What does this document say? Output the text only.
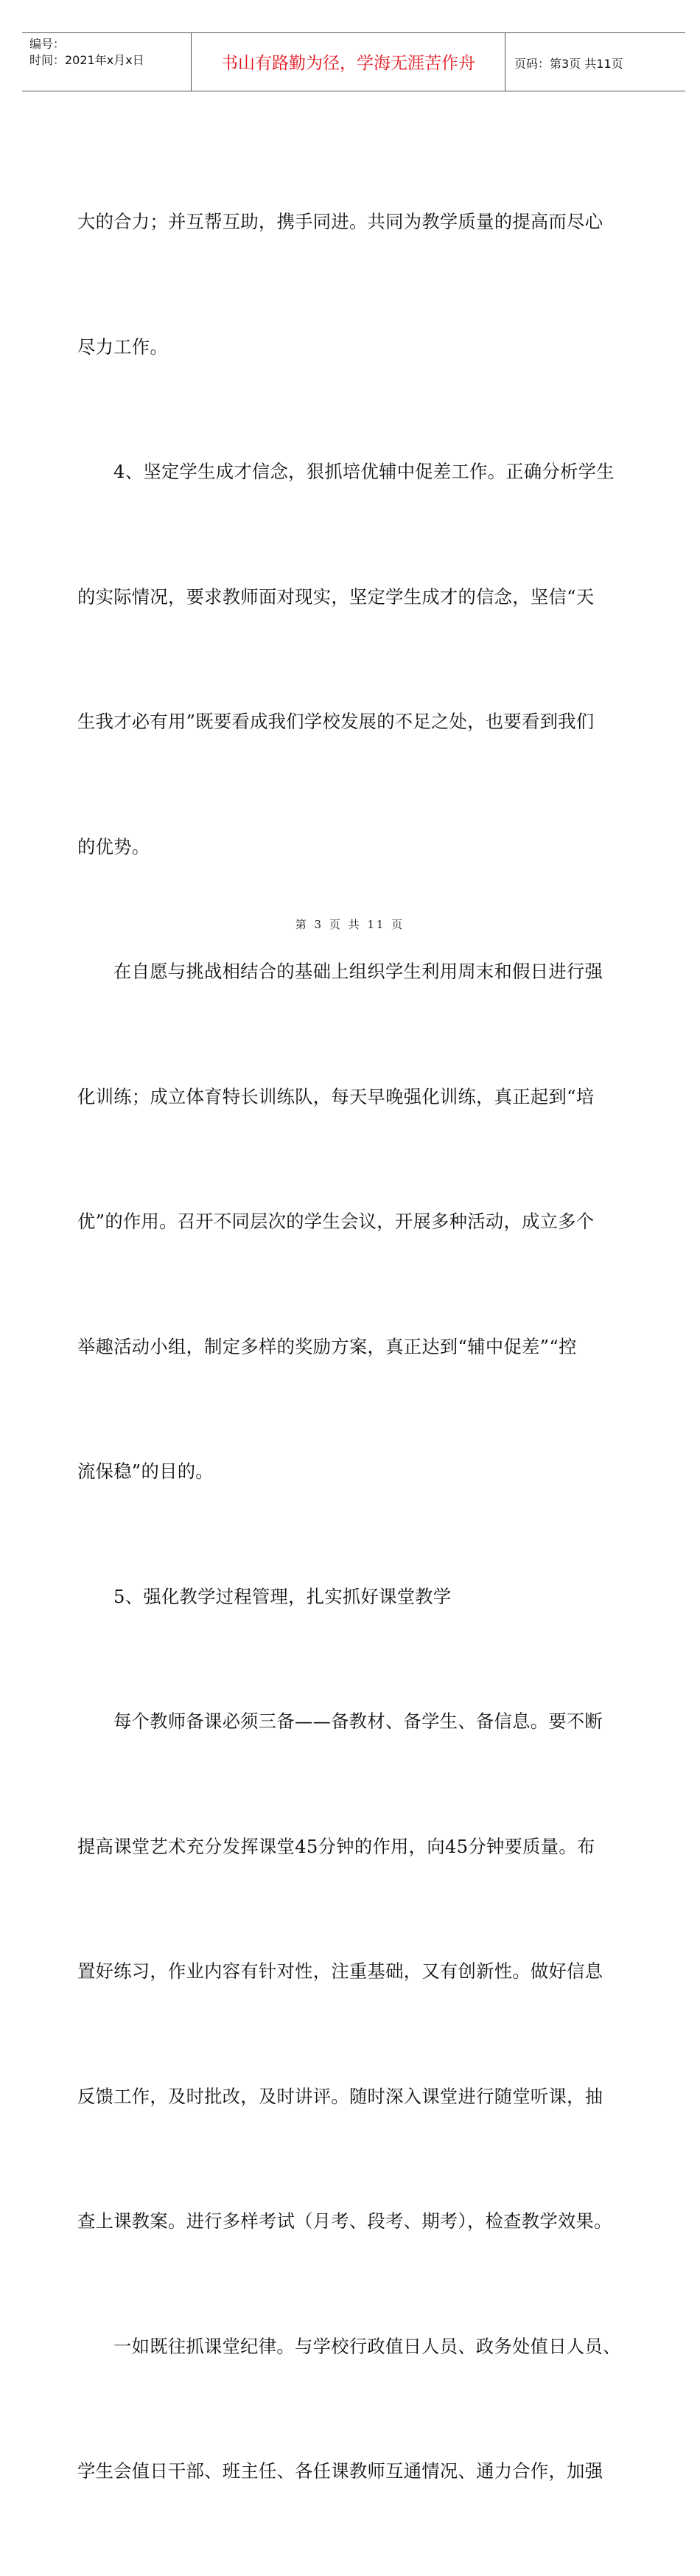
编号：
时间：2021年x月x日	书山有路勤为径，学海无涯苦作舟	页码：第3页 共11页

大的合力；并互帮互助，携手同进。共同为教学质量的提高而尽心

尽力工作。

4、坚定学生成才信念，狠抓培优辅中促差工作。正确分析学生

的实际情况，要求教师面对现实，坚定学生成才的信念，坚信“天

生我才必有用”既要看成我们学校发展的不足之处，也要看到我们

的优势。

在自愿与挑战相结合的基础上组织学生利用周末和假日进行强

化训练；成立体育特长训练队，每天早晚强化训练，真正起到“培

优”的作用。召开不同层次的学生会议，开展多种活动，成立多个

举趣活动小组，制定多样的奖励方案，真正达到“辅中促差”“控

流保稳”的目的。

5、强化教学过程管理，扎实抓好课堂教学

每个教师备课必须三备——备教材、备学生、备信息。要不断

提高课堂艺术充分发挥课堂45分钟的作用，向45分钟要质量。布

置好练习，作业内容有针对性，注重基础，又有创新性。做好信息

反馈工作，及时批改，及时讲评。随时深入课堂进行随堂听课，抽

查上课教案。进行多样考试（月考、段考、期考），检查教学效果。

一如既往抓课堂纪律。与学校行政值日人员、政务处值日人员、

学生会值日干部、班主任、各任课教师互通情况、通力合作，加强

第 3 页 共 11 页
